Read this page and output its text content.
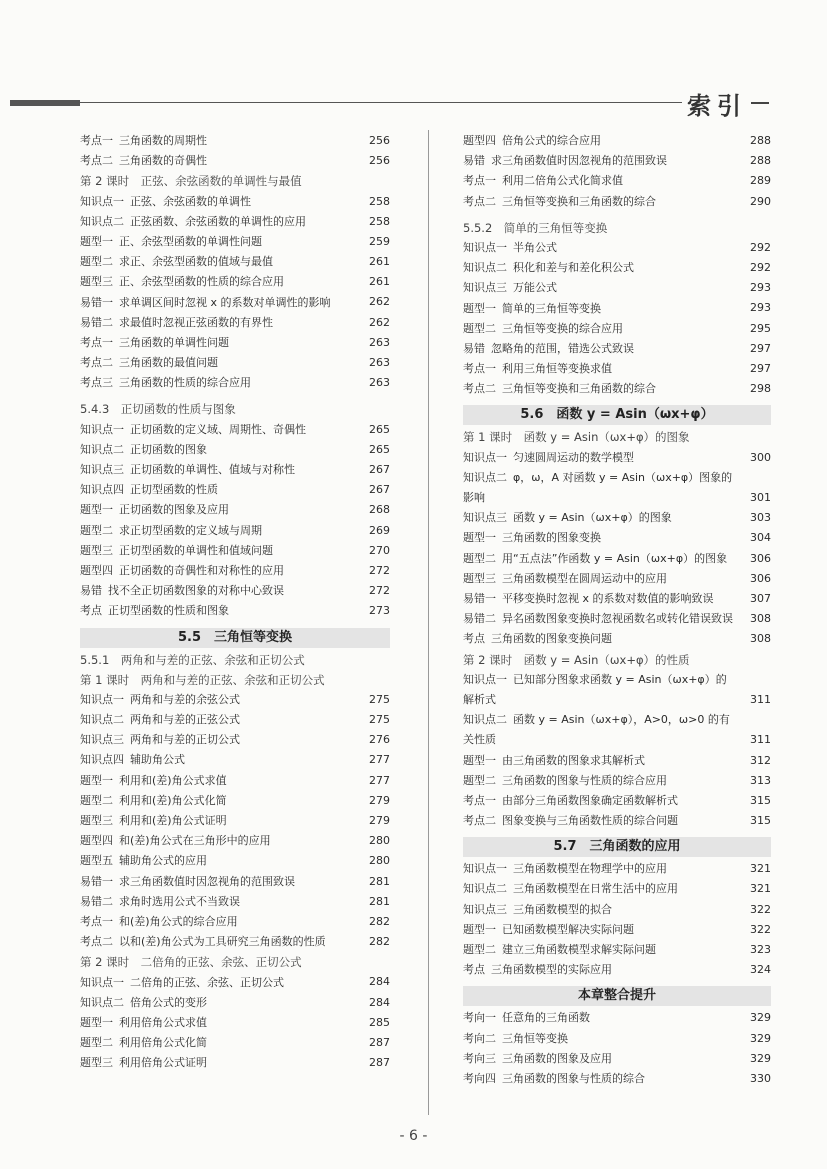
索引
考点一 三角函数的周期性	256
考点二 三角函数的奇偶性	256
第 2 课时　正弦、余弦函数的单调性与最值
知识点一 正弦、余弦函数的单调性	258
知识点二 正弦函数、余弦函数的单调性的应用	258
题型一 正、余弦型函数的单调性问题	259
题型二 求正、余弦型函数的值域与最值	261
题型三 正、余弦型函数的性质的综合应用	261
易错一 求单调区间时忽视 x 的系数对单调性的影响	262
易错二 求最值时忽视正弦函数的有界性	262
考点一 三角函数的单调性问题	263
考点二 三角函数的最值问题	263
考点三 三角函数的性质的综合应用	263
5.4.3　正切函数的性质与图象
知识点一 正切函数的定义域、周期性、奇偶性	265
知识点二 正切函数的图象	265
知识点三 正切函数的单调性、值域与对称性	267
知识点四 正切型函数的性质	267
题型一 正切函数的图象及应用	268
题型二 求正切型函数的定义域与周期	269
题型三 正切型函数的单调性和值域问题	270
题型四 正切函数的奇偶性和对称性的应用	272
易错 找不全正切函数图象的对称中心致误	272
考点 正切型函数的性质和图象	273
5.5　三角恒等变换
5.5.1　两角和与差的正弦、余弦和正切公式
第 1 课时　两角和与差的正弦、余弦和正切公式
知识点一 两角和与差的余弦公式	275
知识点二 两角和与差的正弦公式	275
知识点三 两角和与差的正切公式	276
知识点四 辅助角公式	277
题型一 利用和(差)角公式求值	277
题型二 利用和(差)角公式化简	279
题型三 利用和(差)角公式证明	279
题型四 和(差)角公式在三角形中的应用	280
题型五 辅助角公式的应用	280
易错一 求三角函数值时因忽视角的范围致误	281
易错二 求角时选用公式不当致误	281
考点一 和(差)角公式的综合应用	282
考点二 以和(差)角公式为工具研究三角函数的性质	282
第 2 课时　二倍角的正弦、余弦、正切公式
知识点一 二倍角的正弦、余弦、正切公式	284
知识点二 倍角公式的变形	284
题型一 利用倍角公式求值	285
题型二 利用倍角公式化简	287
题型三 利用倍角公式证明	287
题型四 倍角公式的综合应用	288
易错 求三角函数值时因忽视角的范围致误	288
考点一 利用二倍角公式化简求值	289
考点二 三角恒等变换和三角函数的综合	290
5.5.2　简单的三角恒等变换
知识点一 半角公式	292
知识点二 积化和差与和差化积公式	292
知识点三 万能公式	293
题型一 简单的三角恒等变换	293
题型二 三角恒等变换的综合应用	295
易错 忽略角的范围，错选公式致误	297
考点一 利用三角恒等变换求值	297
考点二 三角恒等变换和三角函数的综合	298
5.6　函数 y = Asin（ωx+φ）
第 1 课时　函数 y = Asin（ωx+φ）的图象
知识点一 匀速圆周运动的数学模型	300
知识点二 φ，ω，A 对函数 y = Asin（ωx+φ）图象的影响	301
知识点三 函数 y = Asin（ωx+φ）的图象	303
题型一 三角函数的图象变换	304
题型二 用“五点法”作函数 y = Asin（ωx+φ）的图象 306
题型三 三角函数模型在圆周运动中的应用	306
易错一 平移变换时忽视 x 的系数对数值的影响致误	307
易错二 异名函数图象变换时忽视函数名或转化错误致误 308
考点 三角函数的图象变换问题	308
第 2 课时　函数 y = Asin（ωx+φ）的性质
知识点一 已知部分图象求函数 y = Asin（ωx+φ）的解析式	311
知识点二 函数 y = Asin（ωx+φ），A>0，ω>0 的有关性质	311
题型一 由三角函数的图象求其解析式	312
题型二 三角函数的图象与性质的综合应用	313
考点一 由部分三角函数图象确定函数解析式	315
考点二 图象变换与三角函数性质的综合问题	315
5.7　三角函数的应用
知识点一 三角函数模型在物理学中的应用	321
知识点二 三角函数模型在日常生活中的应用	321
知识点三 三角函数模型的拟合	322
题型一 已知函数模型解决实际问题	322
题型二 建立三角函数模型求解实际问题	323
考点 三角函数模型的实际应用	324
本章整合提升
考向一 任意角的三角函数	329
考向二 三角恒等变换	329
考向三 三角函数的图象及应用	329
考向四 三角函数的图象与性质的综合	330
- 6 -
